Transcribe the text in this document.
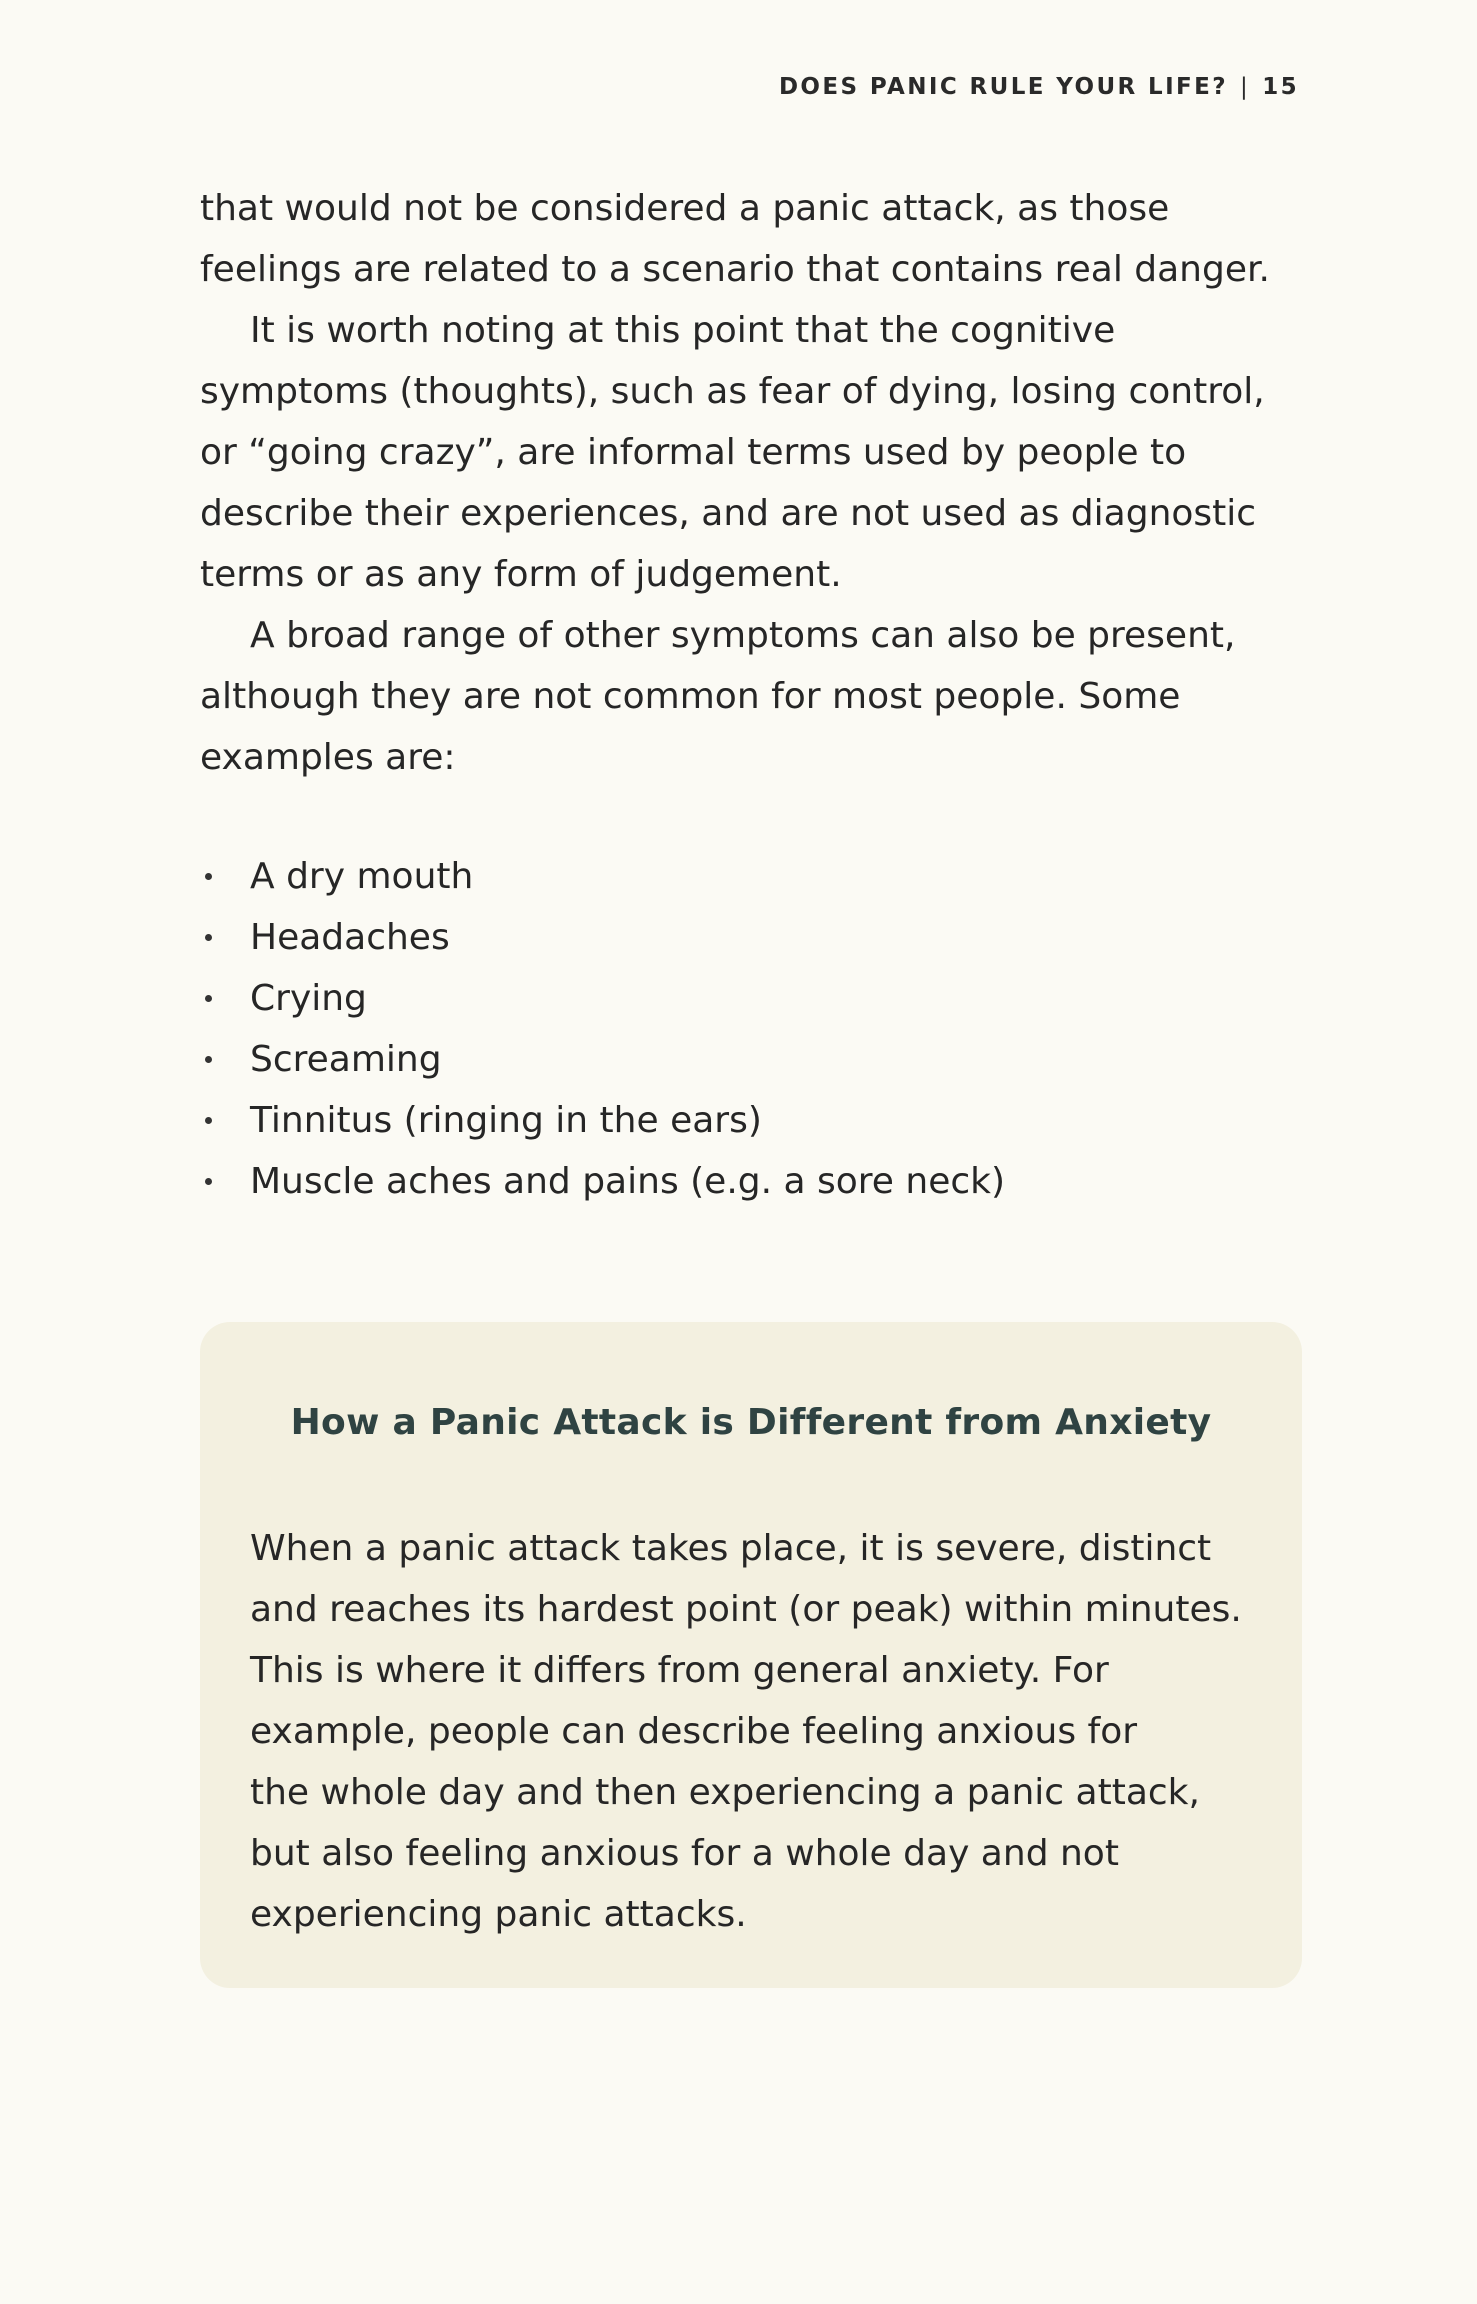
DOES PANIC RULE YOUR LIFE? | 15

that would not be considered a panic attack, as those feelings are related to a scenario that contains real danger.

It is worth noting at this point that the cognitive symptoms (thoughts), such as fear of dying, losing control, or “going crazy”, are informal terms used by people to describe their experiences, and are not used as diagnostic terms or as any form of judgement.

A broad range of other symptoms can also be present, although they are not common for most people. Some examples are:

A dry mouth
Headaches
Crying
Screaming
Tinnitus (ringing in the ears)
Muscle aches and pains (e.g. a sore neck)
How a Panic Attack is Different from Anxiety

When a panic attack takes place, it is severe, distinct
and reaches its hardest point (or peak) within minutes.
This is where it differs from general anxiety. For
example, people can describe feeling anxious for
the whole day and then experiencing a panic attack,
but also feeling anxious for a whole day and not
experiencing panic attacks.
